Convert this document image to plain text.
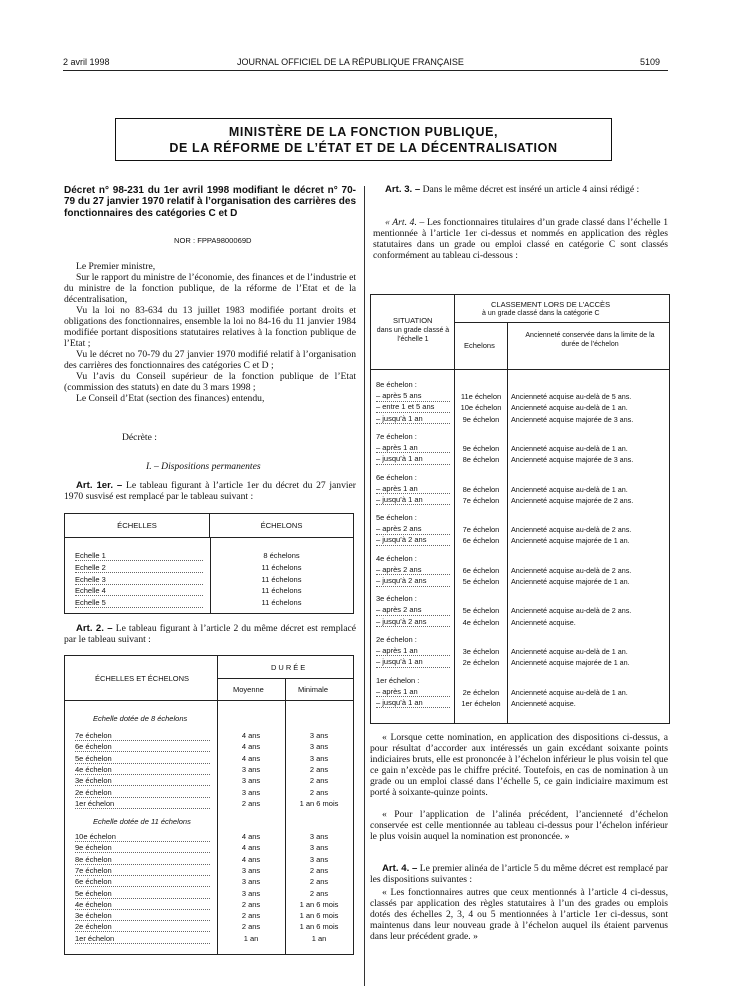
2 avril 1998	JOURNAL OFFICIEL DE LA RÉPUBLIQUE FRANÇAISE	5109
MINISTÈRE DE LA FONCTION PUBLIQUE,
DE LA RÉFORME DE L’ÉTAT ET DE LA DÉCENTRALISATION

Décret n° 98-231 du 1er avril 1998 modifiant le décret n° 70-79 du 27 janvier 1970 relatif à l’organisation des carrières des fonctionnaires des catégories C et D

NOR : FPPA9800069D

Le Premier ministre,

Sur le rapport du ministre de l’économie, des finances et de l’industrie et du ministre de la fonction publique, de la réforme de l’Etat et de la décentralisation,

Vu la loi no 83-634 du 13 juillet 1983 modifiée portant droits et obligations des fonctionnaires, ensemble la loi no 84-16 du 11 janvier 1984 modifiée portant dispositions statutaires relatives à la fonction publique de l’Etat ;

Vu le décret no 70-79 du 27 janvier 1970 modifié relatif à l’organisation des carrières des fonctionnaires des catégories C et D ;

Vu l’avis du Conseil supérieur de la fonction publique de l’Etat (commission des statuts) en date du 3 mars 1998 ;

Le Conseil d’Etat (section des finances) entendu,

Décrète :

I. – Dispositions permanentes

Art. 1er. – Le tableau figurant à l’article 1er du décret du 27 janvier 1970 susvisé est remplacé par le tableau suivant :

ÉCHELLES	ÉCHELONS
Echelle 1	8 échelons
Echelle 2	11 échelons
Echelle 3	11 échelons
Echelle 4	11 échelons
Echelle 5	11 échelons

Art. 2. – Le tableau figurant à l’article 2 du même décret est remplacé par le tableau suivant :

ÉCHELLES ET ÉCHELONS
DURÉE
Moyenne	Minimale
Echelle dotée de 8 échelons
Echelle dotée de 11 échelons
7e échelon	4 ans	3 ans
6e échelon	4 ans	3 ans
5e échelon	4 ans	3 ans
4e échelon	3 ans	2 ans
3e échelon	3 ans	2 ans
2e échelon	3 ans	2 ans
1er échelon	2 ans	1 an 6 mois
10e échelon	4 ans	3 ans
9e échelon	4 ans	3 ans
8e échelon	4 ans	3 ans
7e échelon	3 ans	2 ans
6e échelon	3 ans	2 ans
5e échelon	3 ans	2 ans
4e échelon	2 ans	1 an 6 mois
3e échelon	2 ans	1 an 6 mois
2e échelon	2 ans	1 an 6 mois
1er échelon	1 an	1 an

Art. 3. – Dans le même décret est inséré un article 4 ainsi rédigé :

« Art. 4. – Les fonctionnaires titulaires d’un grade classé dans l’échelle 1 mentionnée à l’article 1er ci-dessus et nommés en application des règles statutaires dans un grade ou emploi classé en catégorie C sont classés conformément au tableau ci-dessous :

SITUATION
dans un grade classé à l’échelle 1
CLASSEMENT LORS DE L’ACCÈS
à un grade classé dans la catégorie C
Echelons
Ancienneté conservée dans la limite de la durée de l’échelon
8e échelon :
– après 5 ans	11e échelon	Ancienneté acquise au-delà de 5 ans.
– entre 1 et 5 ans	10e échelon	Ancienneté acquise au-delà de 1 an.
– jusqu’à 1 an	9e échelon	Ancienneté acquise majorée de 3 ans.
7e échelon :
– après 1 an	9e échelon	Ancienneté acquise au-delà de 1 an.
– jusqu’à 1 an	8e échelon	Ancienneté acquise majorée de 3 ans.
6e échelon :
– après 1 an	8e échelon	Ancienneté acquise au-delà de 1 an.
– jusqu’à 1 an	7e échelon	Ancienneté acquise majorée de 2 ans.
5e échelon :
– après 2 ans	7e échelon	Ancienneté acquise au-delà de 2 ans.
– jusqu’à 2 ans	6e échelon	Ancienneté acquise majorée de 1 an.
4e échelon :
– après 2 ans	6e échelon	Ancienneté acquise au-delà de 2 ans.
– jusqu’à 2 ans	5e échelon	Ancienneté acquise majorée de 1 an.
3e échelon :
– après 2 ans	5e échelon	Ancienneté acquise au-delà de 2 ans.
– jusqu’à 2 ans	4e échelon	Ancienneté acquise.
2e échelon :
– après 1 an	3e échelon	Ancienneté acquise au-delà de 1 an.
– jusqu’à 1 an	2e échelon	Ancienneté acquise majorée de 1 an.
1er échelon :
– après 1 an	2e échelon	Ancienneté acquise au-delà de 1 an.
– jusqu’à 1 an	1er échelon	Ancienneté acquise.

« Lorsque cette nomination, en application des dispositions ci-dessus, a pour résultat d’accorder aux intéressés un gain excédant soixante points indiciaires bruts, elle est prononcée à l’échelon inférieur le plus voisin tel que ce gain n’excède pas le chiffre précité. Toutefois, en cas de nomination à un grade ou un emploi classé dans l’échelle 5, ce gain indiciaire maximum est porté à soixante-quinze points.

« Pour l’application de l’alinéa précédent, l’ancienneté d’échelon conservée est celle mentionnée au tableau ci-dessus pour l’échelon inférieur le plus voisin auquel la nomination est prononcée. »

Art. 4. – Le premier alinéa de l’article 5 du même décret est remplacé par les dispositions suivantes :

« Les fonctionnaires autres que ceux mentionnés à l’article 4 ci-dessus, classés par application des règles statutaires à l’un des grades ou emplois dotés des échelles 2, 3, 4 ou 5 mentionnées à l’article 1er ci-dessus, sont maintenus dans leur nouveau grade à l’échelon auquel ils étaient parvenus dans leur précédent grade. »
